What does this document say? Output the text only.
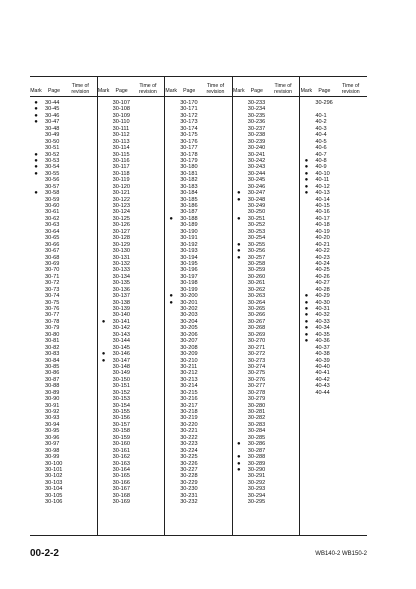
Mark	Page
Time of revision
●	30-44
●	30-45
●	30-46
●	30-47
30-48
30-49
30-50
30-51
●	30-52
●	30-53
●	30-54
●	30-55
30-56
30-57
●	30-58
30-59
30-60
30-61
30-62
30-63
30-64
30-65
30-66
30-67
30-68
30-69
30-70
30-71
30-72
30-73
30-74
30-75
30-76
30-77
30-78
30-79
30-80
30-81
30-82
30-83
30-84
30-85
30-86
30-87
30-88
30-89
30-90
30-91
30-92
30-93
30-94
30-95
30-96
30-97
30-98
30-99
30-100
30-101
30-102
30-103
30-104
30-105
30-106
Mark	Page
Time of revision
30-107
30-108
30-109
30-110
30-111
30-112
30-113
30-114
30-115
30-116
30-117
30-118
30-119
30-120
30-121
30-122
30-123
30-124
30-125
30-126
30-127
30-128
30-129
30-130
30-131
30-132
30-133
30-134
30-135
30-136
30-137
30-138
30-139
30-140
●	30-141
30-142
30-143
30-144
30-145
●	30-146
●	30-147
30-148
30-149
30-150
30-151
30-152
30-153
30-154
30-155
30-156
30-157
30-158
30-159
30-160
30-161
30-162
30-163
30-164
30-165
30-166
30-167
30-168
30-169
Mark	Page
Time of revision
30-170
30-171
30-172
30-173
30-174
30-175
30-176
30-177
30-178
30-179
30-180
30-181
30-182
30-183
30-184
30-185
30-186
30-187
●	30-188
30-189
30-190
30-191
30-192
30-193
30-194
30-195
30-196
30-197
30-198
30-199
●	30-200
●	30-201
30-202
30-203
30-204
30-205
30-206
30-207
30-208
30-209
30-210
30-211
30-212
30-213
30-214
30-215
30-216
30-217
30-218
30-219
30-220
30-221
30-222
30-223
30-224
30-225
30-226
30-227
30-228
30-229
30-230
30-231
30-232
Mark	Page
Time of revision
30-233
30-234
30-235
30-236
30-237
30-238
30-239
30-240
30-241
30-242
30-243
30-244
30-245
30-246
●	30-247
●	30-248
30-249
30-250
●	30-251
30-252
30-253
30-254
●	30-255
●	30-256
●	30-257
30-258
30-259
30-260
30-261
30-262
30-263
30-264
30-265
30-266
30-267
30-268
30-269
30-270
30-271
30-272
30-273
30-274
30-275
30-276
30-277
30-278
30-279
30-280
30-281
30-282
30-283
30-284
30-285
●	30-286
30-287
●	30-288
●	30-289
●	30-290
30-291
30-292
30-293
30-294
30-295
Mark	Page
Time of revision
30-296
40-1
40-2
40-3
40-4
40-5
40-6
40-7
●	40-8
●	40-9
●	40-10
●	40-11
●	40-12
●	40-13
40-14
40-15
40-16
40-17
40-18
40-19
40-20
40-21
40-22
40-23
40-24
40-25
40-26
40-27
40-28
●	40-29
●	40-30
●	40-31
●	40-32
●	40-33
●	40-34
●	40-35
●	40-36
40-37
40-38
40-39
40-40
40-41
40-42
40-43
40-44
00-2-2	WB140-2 WB150-2
